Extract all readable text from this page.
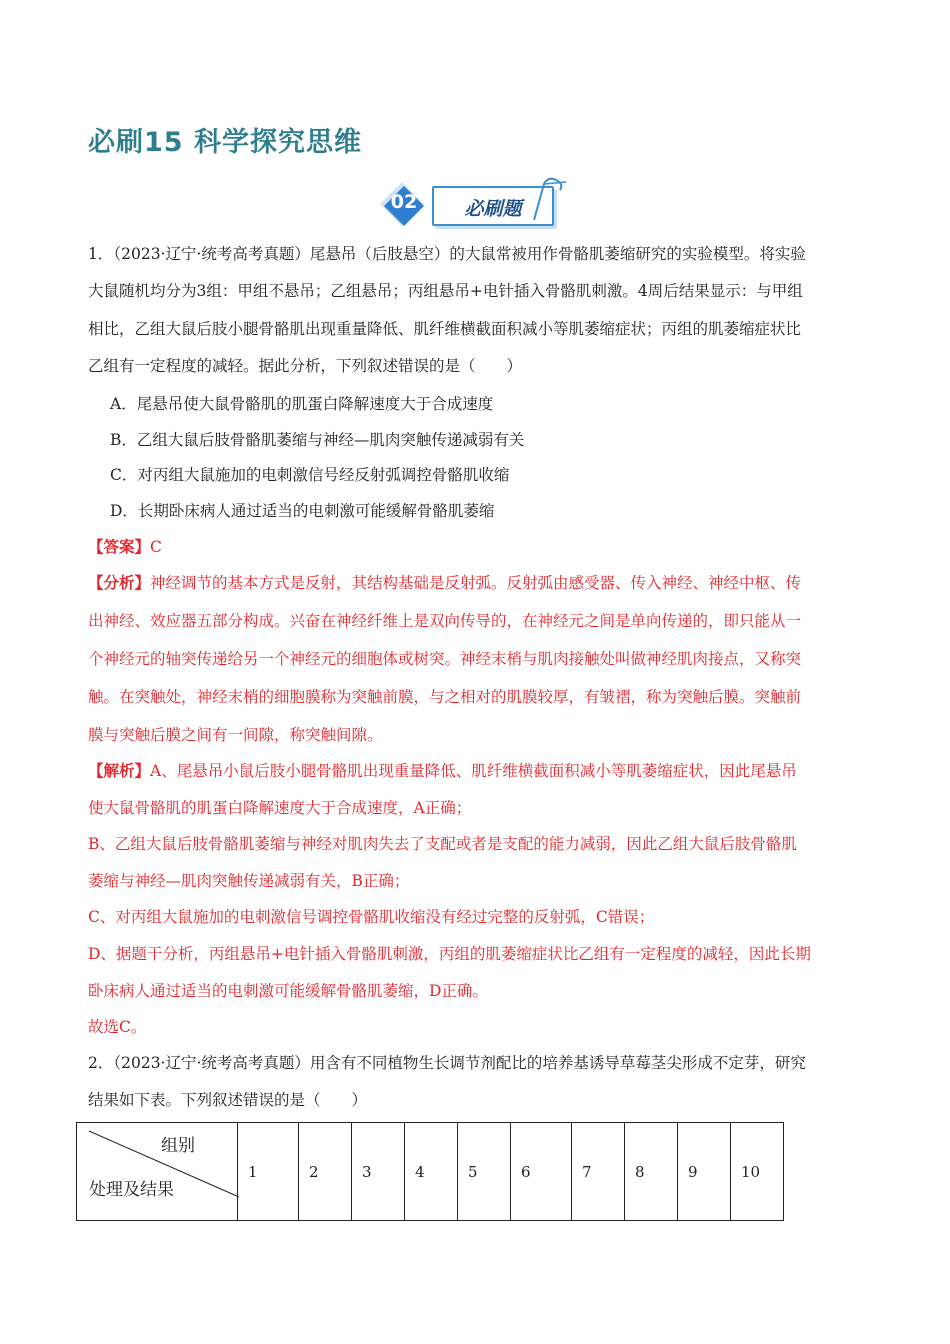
必刷15 科学探究思维
02	必刷题
1．（2023·辽宁·统考高考真题）尾悬吊（后肢悬空）的大鼠常被用作骨骼肌萎缩研究的实验模型。将实验
大鼠随机均分为3组：甲组不悬吊；乙组悬吊；丙组悬吊+电针插入骨骼肌刺激。4周后结果显示：与甲组
相比，乙组大鼠后肢小腿骨骼肌出现重量降低、肌纤维横截面积减小等肌萎缩症状；丙组的肌萎缩症状比
乙组有一定程度的减轻。据此分析，下列叙述错误的是（　　）
A．尾悬吊使大鼠骨骼肌的肌蛋白降解速度大于合成速度
B．乙组大鼠后肢骨骼肌萎缩与神经—肌肉突触传递减弱有关
C．对丙组大鼠施加的电刺激信号经反射弧调控骨骼肌收缩
D．长期卧床病人通过适当的电刺激可能缓解骨骼肌萎缩
【答案】C
【分析】神经调节的基本方式是反射，其结构基础是反射弧。反射弧由感受器、传入神经、神经中枢、传
出神经、效应器五部分构成。兴奋在神经纤维上是双向传导的，在神经元之间是单向传递的，即只能从一
个神经元的轴突传递给另一个神经元的细胞体或树突。神经末梢与肌肉接触处叫做神经肌肉接点，又称突
触。在突触处，神经末梢的细胞膜称为突触前膜，与之相对的肌膜较厚，有皱褶，称为突触后膜。突触前
膜与突触后膜之间有一间隙，称突触间隙。
【解析】A、尾悬吊小鼠后肢小腿骨骼肌出现重量降低、肌纤维横截面积减小等肌萎缩症状，因此尾悬吊
使大鼠骨骼肌的肌蛋白降解速度大于合成速度，A正确；
B、乙组大鼠后肢骨骼肌萎缩与神经对肌肉失去了支配或者是支配的能力减弱，因此乙组大鼠后肢骨骼肌
萎缩与神经—肌肉突触传递减弱有关，B正确；
C、对丙组大鼠施加的电刺激信号调控骨骼肌收缩没有经过完整的反射弧，C错误；
D、据题干分析，丙组悬吊+电针插入骨骼肌刺激，丙组的肌萎缩症状比乙组有一定程度的减轻，因此长期
卧床病人通过适当的电刺激可能缓解骨骼肌萎缩，D正确。
故选C。
2．（2023·辽宁·统考高考真题）用含有不同植物生长调节剂配比的培养基诱导草莓茎尖形成不定芽，研究
结果如下表。下列叙述错误的是（　　）
组别
处理及结果
	1	2	3	4	5	6	7	8	9	10
